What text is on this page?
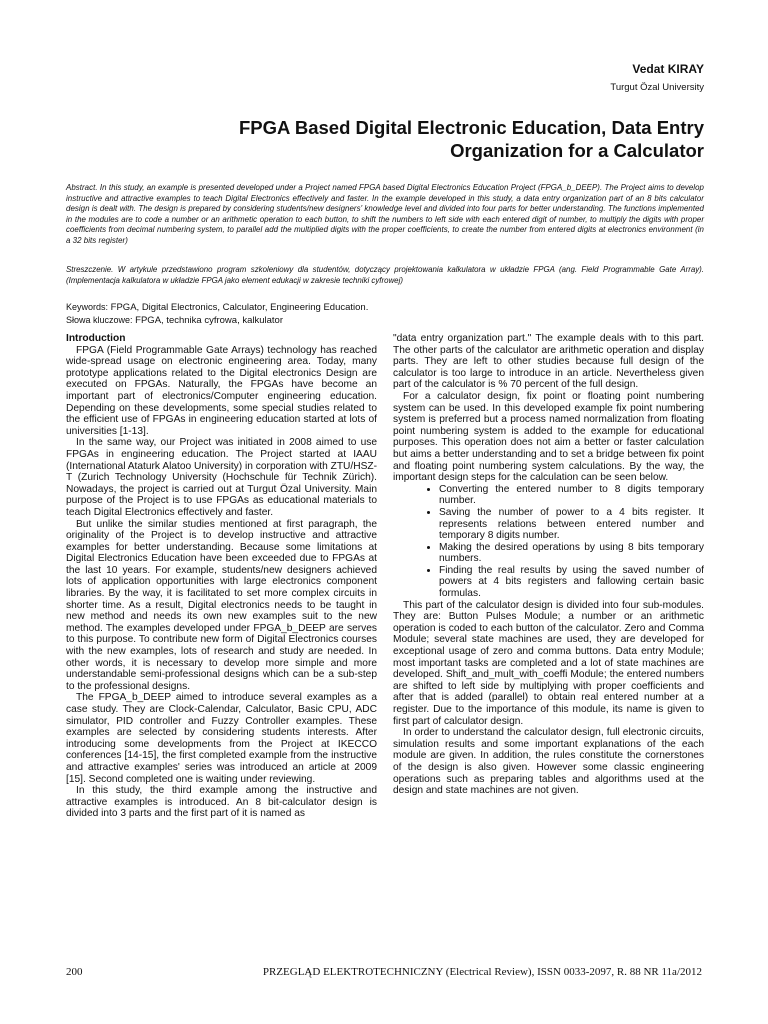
Vedat KIRAY
Turgut Özal University
FPGA Based Digital Electronic Education, Data Entry Organization for a Calculator
Abstract. In this study, an example is presented developed under a Project named FPGA based Digital Electronics Education Project (FPGA_b_DEEP). The Project aims to develop instructive and attractive examples to teach Digital Electronics effectively and faster. In the example developed in this study, a data entry organization part of an 8 bits calculator design is dealt with. The design is prepared by considering students/new designers' knowledge level and divided into four parts for better understanding. The functions implemented in the modules are to code a number or an arithmetic operation to each button, to shift the numbers to left side with each entered digit of number, to multiply the digits with proper coefficients from decimal numbering system, to parallel add the multiplied digits with the proper coefficients, to create the number from entered digits at electronics environment (in a 32 bits register)
Streszczenie. W artykule przedstawiono program szkoleniowy dla studentów, dotyczący projektowania kalkulatora w układzie FPGA (ang. Field Programmable Gate Array). (Implementacja kalkulatora w układzie FPGA jako element edukacji w zakresie techniki cyfrowej)
Keywords: FPGA, Digital Electronics, Calculator, Engineering Education.
Słowa kluczowe: FPGA, technika cyfrowa, kalkulator
Introduction

FPGA (Field Programmable Gate Arrays) technology has reached wide-spread usage on electronic engineering area. Today, many prototype applications related to the Digital electronics Design are executed on FPGAs. Naturally, the FPGAs have become an important part of electronics/Computer engineering education. Depending on these developments, some special studies related to the efficient use of FPGAs in engineering education started at lots of universities [1-13].

In the same way, our Project was initiated in 2008 aimed to use FPGAs in engineering education. The Project started at IAAU (International Ataturk Alatoo University) in corporation with ZTU/HSZ-T (Zurich Technology University (Hochschule für Technik Zürich). Nowadays, the project is carried out at Turgut Özal University. Main purpose of the Project is to use FPGAs as educational materials to teach Digital Electronics effectively and faster.

But unlike the similar studies mentioned at first paragraph, the originality of the Project is to develop instructive and attractive examples for better understanding. Because some limitations at Digital Electronics Education have been exceeded due to FPGAs at the last 10 years. For example, students/new designers achieved lots of application opportunities with large electronics component libraries. By the way, it is facilitated to set more complex circuits in shorter time. As a result, Digital electronics needs to be taught in new method and needs its own new examples suit to the new method. The examples developed under FPGA_b_DEEP are serves to this purpose. To contribute new form of Digital Electronics courses with the new examples, lots of research and study are needed. In other words, it is necessary to develop more simple and more understandable semi-professional designs which can be a sub-step to the professional designs.

The FPGA_b_DEEP aimed to introduce several examples as a case study. They are Clock-Calendar, Calculator, Basic CPU, ADC simulator, PID controller and Fuzzy Controller examples. These examples are selected by considering students interests. After introducing some developments from the Project at IKECCO conferences [14-15], the first completed example from the instructive and attractive examples' series was introduced an article at 2009 [15]. Second completed one is waiting under reviewing.

In this study, the third example among the instructive and attractive examples is introduced. An 8 bit-calculator design is divided into 3 parts and the first part of it is named as

"data entry organization part." The example deals with to this part. The other parts of the calculator are arithmetic operation and display parts. They are left to other studies because full design of the calculator is too large to introduce in an article. Nevertheless given part of the calculator is % 70 percent of the full design.

For a calculator design, fix point or floating point numbering system can be used. In this developed example fix point numbering system is preferred but a process named normalization from floating point numbering system is added to the example for educational purposes. This operation does not aim a better or faster calculation but aims a better understanding and to set a bridge between fix point and floating point numbering system calculations. By the way, the important design steps for the calculation can be seen below.

• Converting the entered number to 8 digits temporary number.
• Saving the number of power to a 4 bits register. It represents relations between entered number and temporary 8 digits number.
• Making the desired operations by using 8 bits temporary numbers.
• Finding the real results by using the saved number of powers at 4 bits registers and fallowing certain basic formulas.

This part of the calculator design is divided into four sub-modules. They are: Button Pulses Module; a number or an arithmetic operation is coded to each button of the calculator. Zero and Comma Module; several state machines are used, they are developed for exceptional usage of zero and comma buttons. Data entry Module; most important tasks are completed and a lot of state machines are developed. Shift_and_mult_with_coeffi Module; the entered numbers are shifted to left side by multiplying with proper coefficients and after that is added (parallel) to obtain real entered number at a register. Due to the importance of this module, its name is given to first part of calculator design.

In order to understand the calculator design, full electronic circuits, simulation results and some important explanations of the each module are given. In addition, the rules constitute the cornerstones of the design is also given. However some classic engineering operations such as preparing tables and algorithms used at the design and state machines are not given.

200	PRZEGLĄD ELEKTROTECHNICZNY (Electrical Review), ISSN 0033-2097, R. 88 NR 11a/2012
